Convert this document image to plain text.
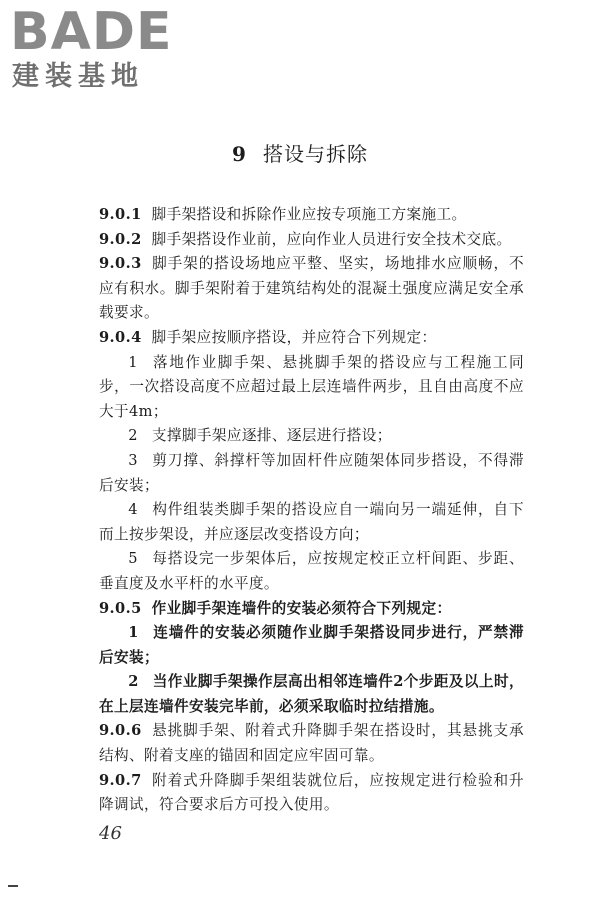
BADE
建装基地
9 搭设与拆除

9.0.1 脚手架搭设和拆除作业应按专项施工方案施工。

9.0.2 脚手架搭设作业前，应向作业人员进行安全技术交底。

9.0.3 脚手架的搭设场地应平整、坚实，场地排水应顺畅，不应有积水。脚手架附着于建筑结构处的混凝土强度应满足安全承载要求。

9.0.4 脚手架应按顺序搭设，并应符合下列规定：

1 落地作业脚手架、悬挑脚手架的搭设应与工程施工同步，一次搭设高度不应超过最上层连墙件两步，且自由高度不应大于4m；

2 支撑脚手架应逐排、逐层进行搭设；

3 剪刀撑、斜撑杆等加固杆件应随架体同步搭设，不得滞后安装；

4 构件组装类脚手架的搭设应自一端向另一端延伸，自下而上按步架设，并应逐层改变搭设方向；

5 每搭设完一步架体后，应按规定校正立杆间距、步距、垂直度及水平杆的水平度。

9.0.5 作业脚手架连墙件的安装必须符合下列规定：

1 连墙件的安装必须随作业脚手架搭设同步进行，严禁滞后安装；

2 当作业脚手架操作层高出相邻连墙件2个步距及以上时，在上层连墙件安装完毕前，必须采取临时拉结措施。

9.0.6 悬挑脚手架、附着式升降脚手架在搭设时，其悬挑支承结构、附着支座的锚固和固定应牢固可靠。

9.0.7 附着式升降脚手架组装就位后，应按规定进行检验和升降调试，符合要求后方可投入使用。

46
